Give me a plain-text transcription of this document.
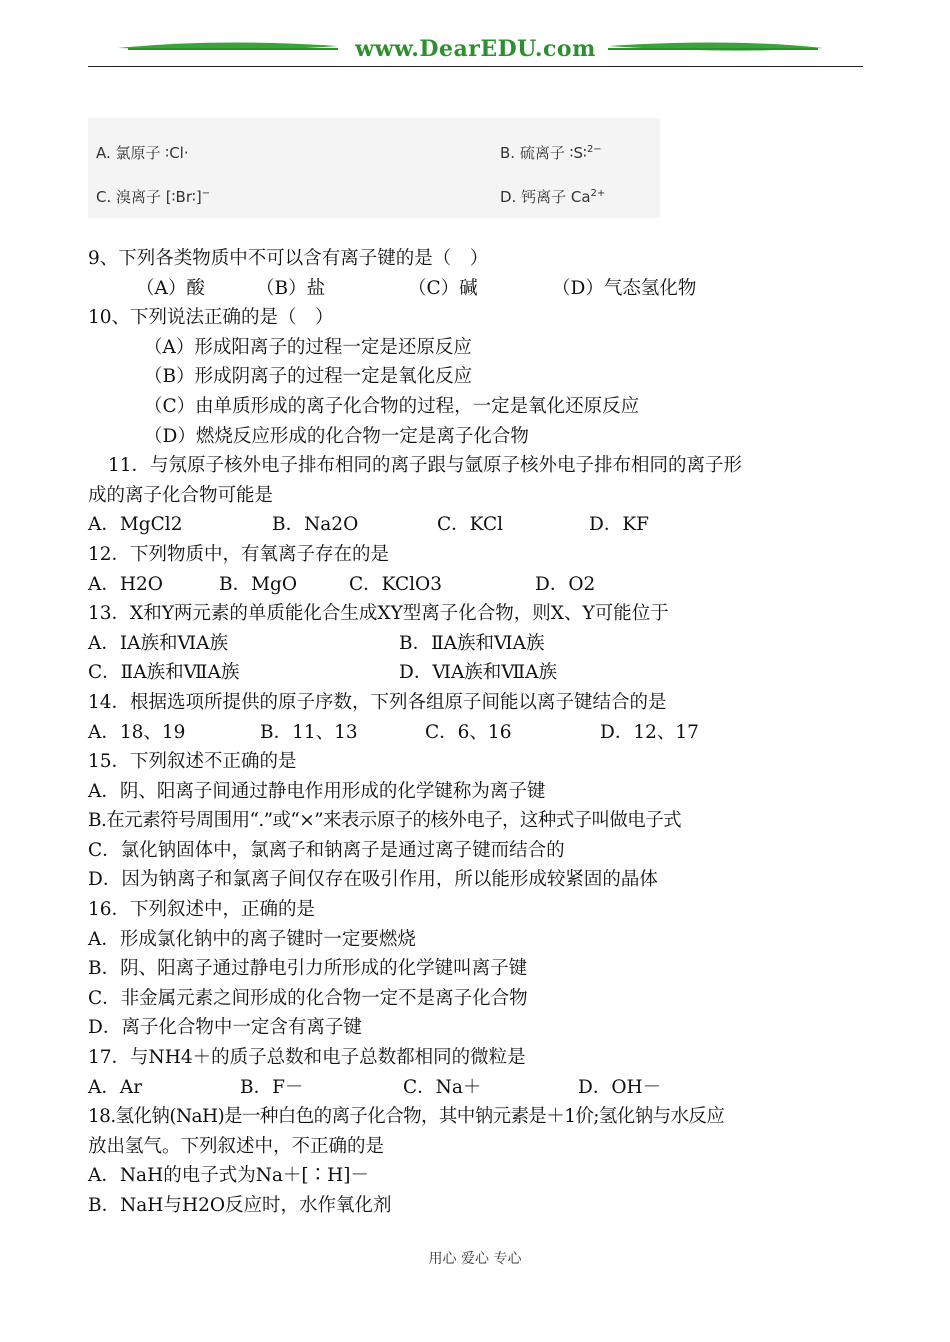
www.DearEDU.com
A. 氯原子 ∶Cl·	B. 硫离子 ∶S∶$^{2-}$
C. 溴离子 [∶Br∶]−	D. 钙离子 $Ca^{2+}$
9、下列各类物质中不可以含有离子键的是（　）
（A）酸	（B）盐	（C）碱	（D）气态氢化物
10、下列说法正确的是（　）
（A）形成阳离子的过程一定是还原反应
（B）形成阴离子的过程一定是氧化反应
（C）由单质形成的离子化合物的过程，一定是氧化还原反应
（D）燃烧反应形成的化合物一定是离子化合物
11．与氖原子核外电子排布相同的离子跟与氩原子核外电子排布相同的离子形
成的离子化合物可能是
A．MgCl2	B．Na2O	C．KCl	D．KF
12．下列物质中，有氧离子存在的是
A．H2O	B．MgO	C．KClO3	D．O2
13．X和Y两元素的单质能化合生成XY型离子化合物，则X、Y可能位于
A．ⅠA族和ⅥA族	B．ⅡA族和ⅥA族
C．ⅡA族和ⅦA族	D．ⅥA族和ⅦA族
14．根据选项所提供的原子序数，下列各组原子间能以离子键结合的是
A．18、19	B．11、13	C．6、16	D．12、17
15．下列叙述不正确的是
A．阴、阳离子间通过静电作用形成的化学键称为离子键
B.在元素符号周围用“.”或“×”来表示原子的核外电子，这种式子叫做电子式
C．氯化钠固体中，氯离子和钠离子是通过离子键而结合的
D．因为钠离子和氯离子间仅存在吸引作用，所以能形成较紧固的晶体
16．下列叙述中，正确的是
A．形成氯化钠中的离子键时一定要燃烧
B．阴、阳离子通过静电引力所形成的化学键叫离子键
C．非金属元素之间形成的化合物一定不是离子化合物
D．离子化合物中一定含有离子键
17．与NH4＋的质子总数和电子总数都相同的微粒是
A．Ar	B．F－	C．Na＋	D．OH－
18.氢化钠(NaH)是一种白色的离子化合物，其中钠元素是＋1价;氢化钠与水反应
放出氢气。下列叙述中，不正确的是
A．NaH的电子式为Na＋[∶H]－
B．NaH与H2O反应时，水作氧化剂
用心 爱心 专心
